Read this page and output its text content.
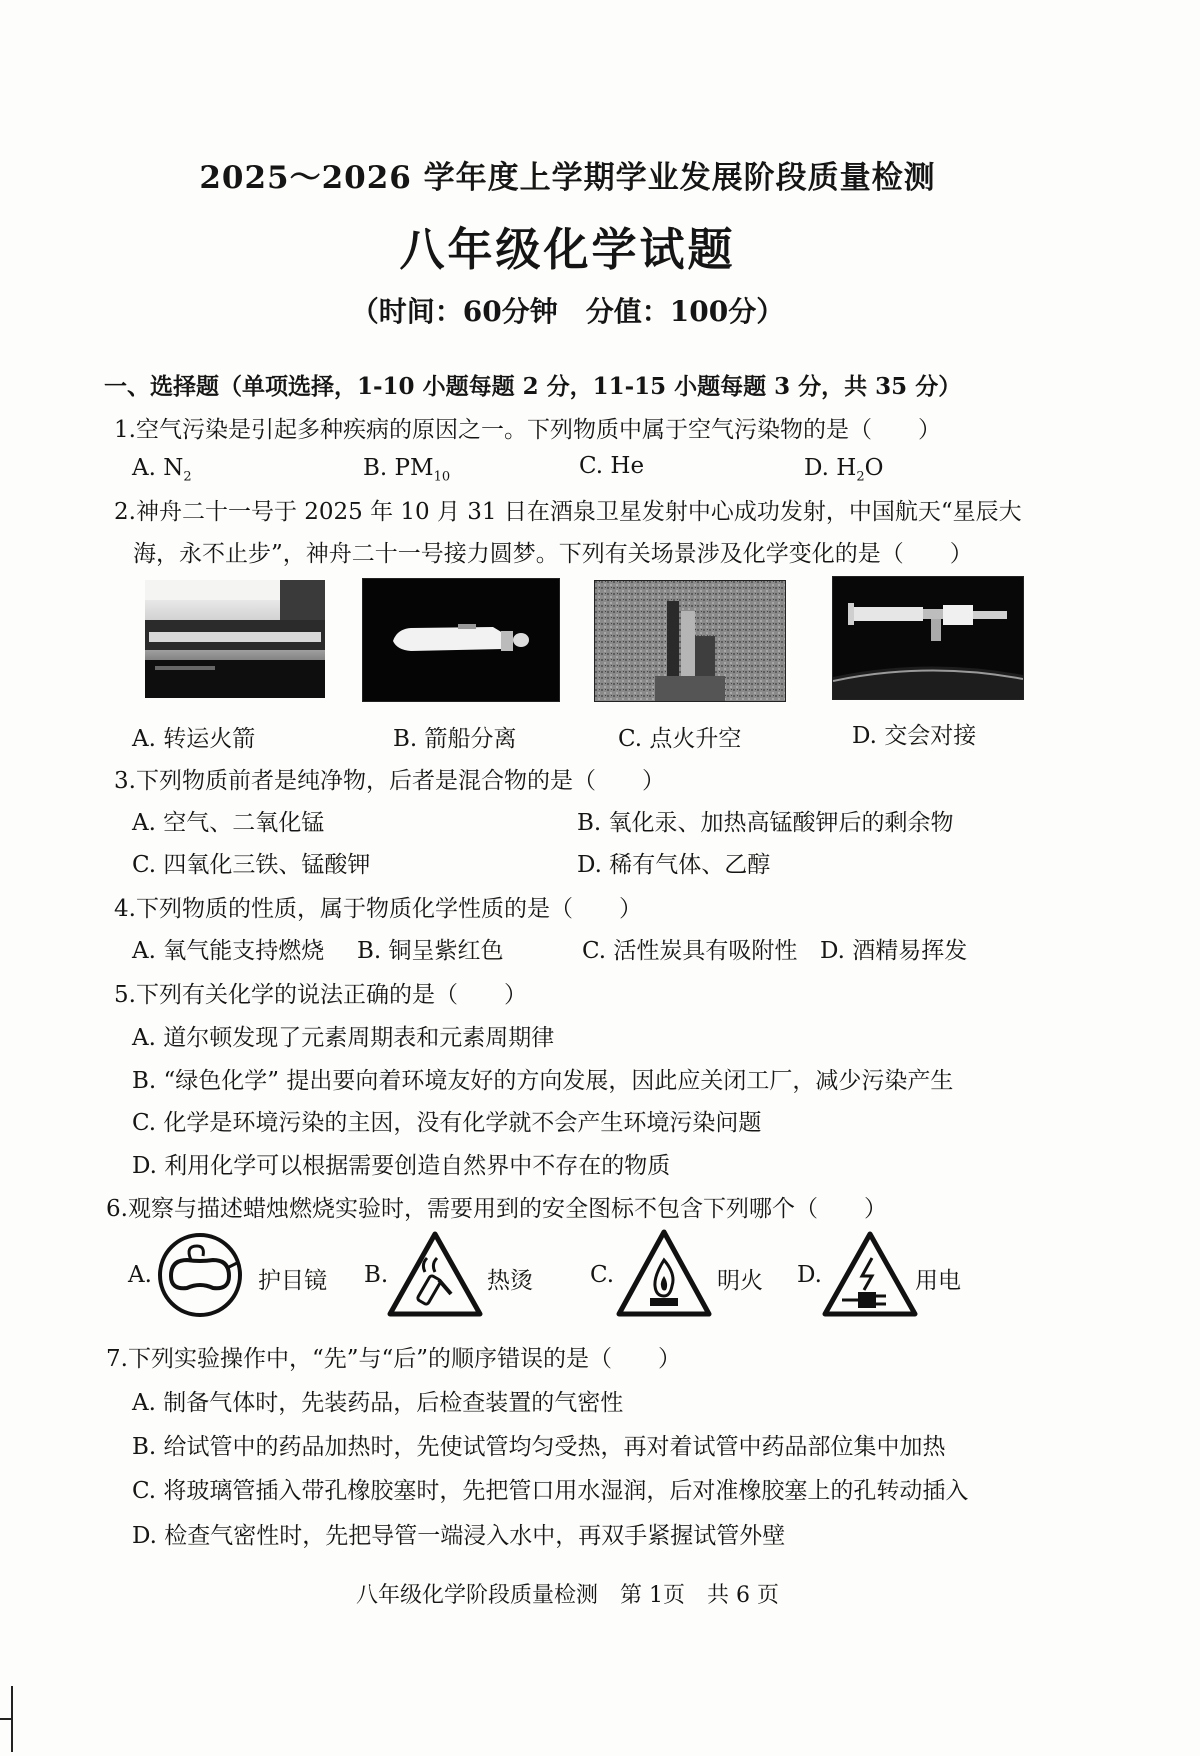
2025～2026 学年度上学期学业发展阶段质量检测
八年级化学试题
（时间：60分钟　分值：100分）
一、选择题（单项选择，1-10 小题每题 2 分，11-15 小题每题 3 分，共 35 分）
1.空气污染是引起多种疾病的原因之一。下列物质中属于空气污染物的是（　　）
A. $N_2$	B. $PM_{10}$	C. He	D. $H_2O$
2.神舟二十一号于 2025 年 10 月 31 日在酒泉卫星发射中心成功发射，中国航天“星辰大
海，永不止步”，神舟二十一号接力圆梦。下列有关场景涉及化学变化的是（　　）
A. 转运火箭	B. 箭船分离	C. 点火升空	D. 交会对接
3.下列物质前者是纯净物，后者是混合物的是（　　）
A. 空气、二氧化锰	B. 氧化汞、加热高锰酸钾后的剩余物
C. 四氧化三铁、锰酸钾	D. 稀有气体、乙醇
4.下列物质的性质，属于物质化学性质的是（　　）
A. 氧气能支持燃烧 B. 铜呈紫红色	C. 活性炭具有吸附性 D. 酒精易挥发
5.下列有关化学的说法正确的是（　　）
A. 道尔顿发现了元素周期表和元素周期律
B. “绿色化学” 提出要向着环境友好的方向发展，因此应关闭工厂，减少污染产生
C. 化学是环境污染的主因，没有化学就不会产生环境污染问题
D. 利用化学可以根据需要创造自然界中不存在的物质
6.观察与描述蜡烛燃烧实验时，需要用到的安全图标不包含下列哪个（　　）
A.	护目镜 B.	热烫 C.	明火 D.	用电
7.下列实验操作中，“先”与“后”的顺序错误的是（　　）
A. 制备气体时，先装药品，后检查装置的气密性
B. 给试管中的药品加热时，先使试管均匀受热，再对着试管中药品部位集中加热
C. 将玻璃管插入带孔橡胶塞时，先把管口用水湿润，后对准橡胶塞上的孔转动插入
D. 检查气密性时，先把导管一端浸入水中，再双手紧握试管外壁
八年级化学阶段质量检测　第 1页　共 6 页
